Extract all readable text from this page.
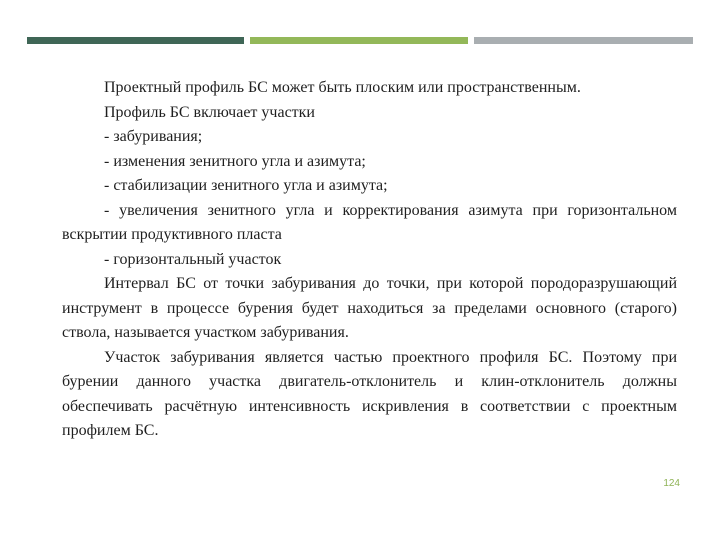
Проектный профиль БС может быть плоским или пространственным.

Профиль БС включает участки

- забуривания;

- изменения зенитного угла и азимута;

- стабилизации зенитного угла и азимута;

- увеличения зенитного угла и корректирования азимута при горизонтальном вскрытии продуктивного пласта

- горизонтальный участок

Интервал БС от точки забуривания до точки, при которой породоразрушающий инструмент в процессе бурения будет находиться за пределами основного (старого) ствола, называется участком забуривания.

Участок забуривания является частью проектного профиля БС. Поэтому при бурении данного участка двигатель-отклонитель и клин-отклонитель должны обеспечивать расчётную интенсивность искривления в соответствии с проектным профилем БС.

124
